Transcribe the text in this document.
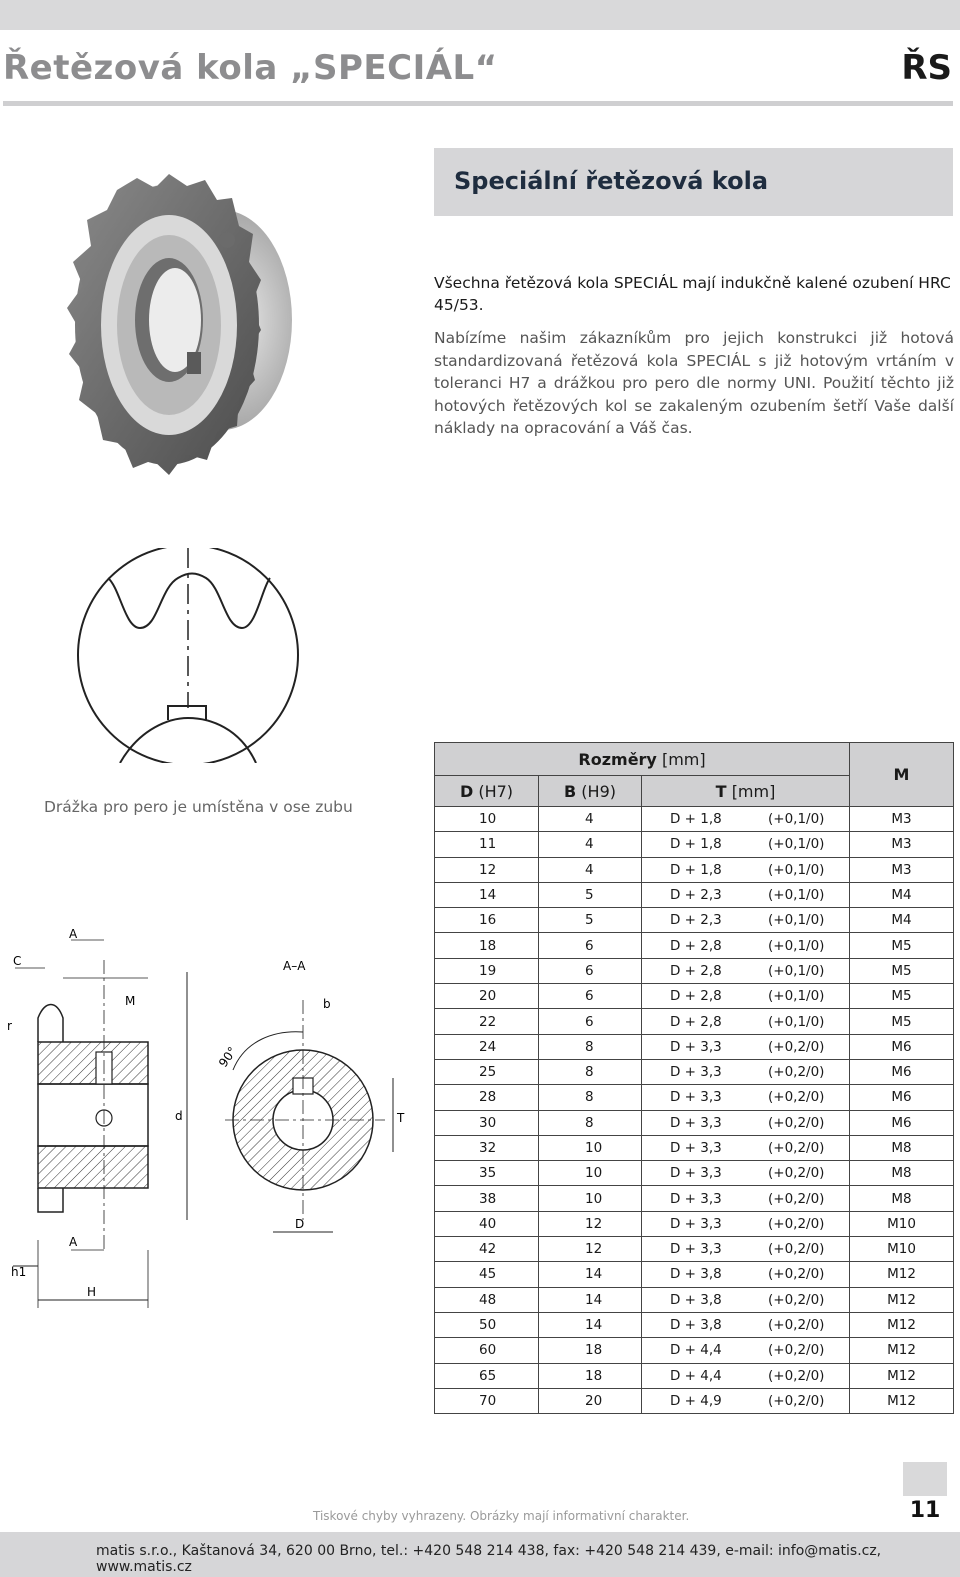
Řetězová kola „SPECIÁL“	ŘS

Drážka pro pero je umístěna v ose zubu

A
A
C
M
r
d
h1
H
A–A
b
T
D
90°
Speciální řetězová kola

Všechna řetězová kola SPECIÁL mají indukčně kalené ozubení HRC 45/53.

Nabízíme našim zákazníkům pro jejich konstrukci již hotová standardizovaná řetězová kola SPECIÁL s již hotovým vrtáním v toleranci H7 a drážkou pro pero dle normy UNI. Použití těchto již hotových řetězových kol se zakaleným ozubením šetří Vaše další náklady na opracování a Váš čas.

Rozměry [mm]			M
D (H7)	B (H9)	T [mm]	
10	4	D + 1,8 (+0,1/0)	M3
11	4	D + 1,8 (+0,1/0)	M3
12	4	D + 1,8 (+0,1/0)	M3
14	5	D + 2,3 (+0,1/0)	M4
16	5	D + 2,3 (+0,1/0)	M4
18	6	D + 2,8 (+0,1/0)	M5
19	6	D + 2,8 (+0,1/0)	M5
20	6	D + 2,8 (+0,1/0)	M5
22	6	D + 2,8 (+0,1/0)	M5
24	8	D + 3,3 (+0,2/0)	M6
25	8	D + 3,3 (+0,2/0)	M6
28	8	D + 3,3 (+0,2/0)	M6
30	8	D + 3,3 (+0,2/0)	M6
32	10	D + 3,3 (+0,2/0)	M8
35	10	D + 3,3 (+0,2/0)	M8
38	10	D + 3,3 (+0,2/0)	M8
40	12	D + 3,3 (+0,2/0)	M10
42	12	D + 3,3 (+0,2/0)	M10
45	14	D + 3,8 (+0,2/0)	M12
48	14	D + 3,8 (+0,2/0)	M12
50	14	D + 3,8 (+0,2/0)	M12
60	18	D + 4,4 (+0,2/0)	M12
65	18	D + 4,4 (+0,2/0)	M12
70	20	D + 4,9 (+0,2/0)	M12

Tiskové chyby vyhrazeny. Obrázky mají informativní charakter.	11

matis s.r.o., Kaštanová 34, 620 00 Brno, tel.: +420 548 214 438, fax: +420 548 214 439, e-mail: info@matis.cz, www.matis.cz
